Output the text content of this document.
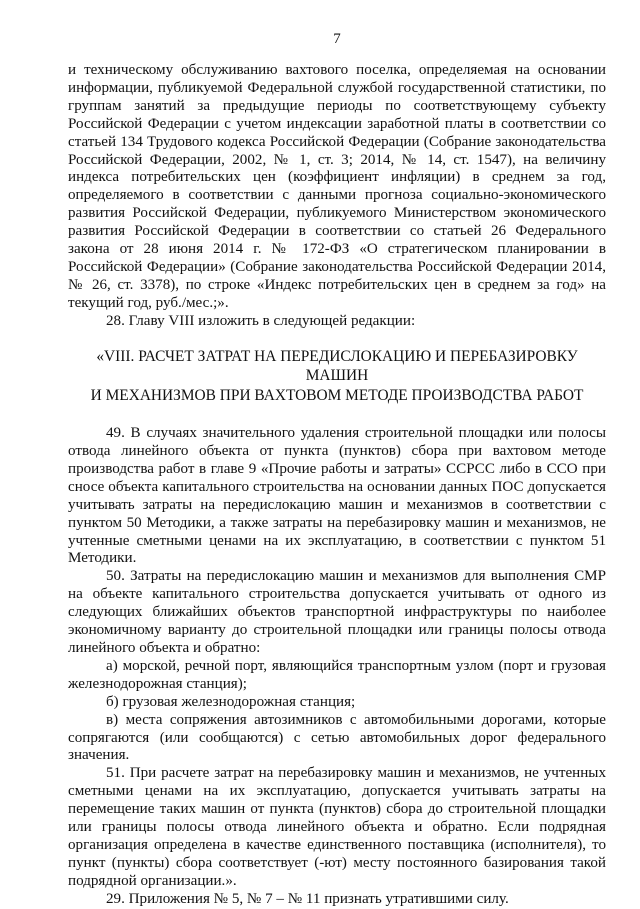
7

и техническому обслуживанию вахтового поселка, определяемая на основании информации, публикуемой Федеральной службой государственной статистики, по группам занятий за предыдущие периоды по соответствующему субъекту Российской Федерации с учетом индексации заработной платы в соответствии со статьей 134 Трудового кодекса Российской Федерации (Собрание законодательства Российской Федерации, 2002, № 1, ст. 3; 2014, № 14, ст. 1547), на величину индекса потребительских цен (коэффициент инфляции) в среднем за год, определяемого в соответствии с данными прогноза социально-экономического развития Российской Федерации, публикуемого Министерством экономического развития Российской Федерации в соответствии со статьей 26 Федерального закона от 28 июня 2014 г. № 172-ФЗ «О стратегическом планировании в Российской Федерации» (Собрание законодательства Российской Федерации 2014, № 26, ст. 3378), по строке «Индекс потребительских цен в среднем за год» на текущий год, руб./мес.;».

28. Главу VIII изложить в следующей редакции:

«VIII. РАСЧЕТ ЗАТРАТ НА ПЕРЕДИСЛОКАЦИЮ И ПЕРЕБАЗИРОВКУ МАШИН
И МЕХАНИЗМОВ ПРИ ВАХТОВОМ МЕТОДЕ ПРОИЗВОДСТВА РАБОТ

49. В случаях значительного удаления строительной площадки или полосы отвода линейного объекта от пункта (пунктов) сбора при вахтовом методе производства работ в главе 9 «Прочие работы и затраты» ССРСС либо в ССО при сносе объекта капитального строительства на основании данных ПОС допускается учитывать затраты на передислокацию машин и механизмов в соответствии с пунктом 50 Методики, а также затраты на перебазировку машин и механизмов, не учтенные сметными ценами на их эксплуатацию, в соответствии с пунктом 51 Методики.

50. Затраты на передислокацию машин и механизмов для выполнения СМР на объекте капитального строительства допускается учитывать от одного из следующих ближайших объектов транспортной инфраструктуры по наиболее экономичному варианту до строительной площадки или границы полосы отвода линейного объекта и обратно:

а) морской, речной порт, являющийся транспортным узлом (порт и грузовая железнодорожная станция);

б) грузовая железнодорожная станция;

в) места сопряжения автозимников с автомобильными дорогами, которые сопрягаются (или сообщаются) с сетью автомобильных дорог федерального значения.

51. При расчете затрат на перебазировку машин и механизмов, не учтенных сметными ценами на их эксплуатацию, допускается учитывать затраты на перемещение таких машин от пункта (пунктов) сбора до строительной площадки или границы полосы отвода линейного объекта и обратно. Если подрядная организация определена в качестве единственного поставщика (исполнителя), то пункт (пункты) сбора соответствует (-ют) месту постоянного базирования такой подрядной организации.».

29. Приложения № 5, № 7 – № 11 признать утратившими силу.
